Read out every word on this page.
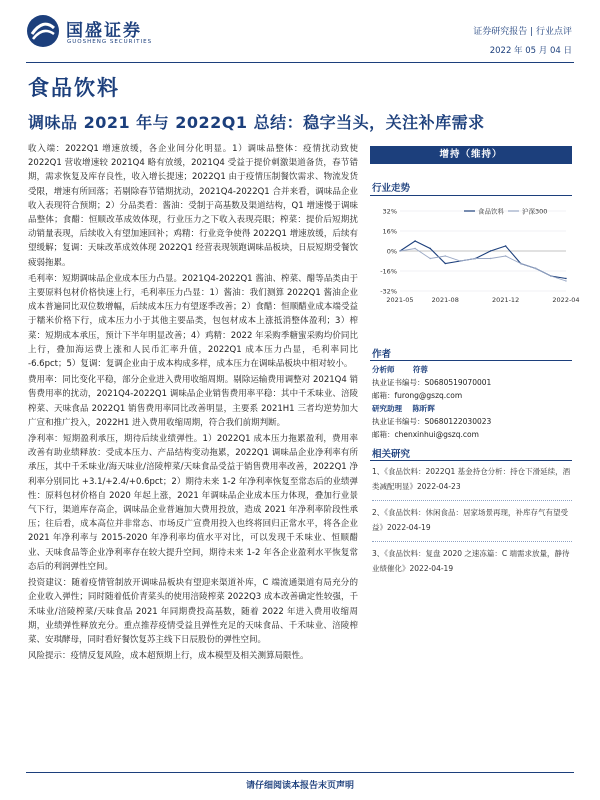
国盛证券
GUOSHENG SECURITIES
证券研究报告 | 行业点评
2022 年 05 月 04 日
食品饮料
调味品 2021 年与 2022Q1 总结：稳字当头，关注补库需求

收入端：2022Q1 增速放缓，各企业间分化明显。1）调味品整体：疫情扰动致使 2022Q1 营收增速较 2021Q4 略有放缓，2021Q4 受益于提价刺激渠道备货，春节错期，需求恢复及库存良性，收入增长提速；2022Q1 由于疫情压制餐饮需求、物流发货受限，增速有所回落；若剔除春节错期扰动，2021Q4-2022Q1 合并来看，调味品企业收入表现符合预期；2）分品类看：酱油：受制于高基数及渠道结构，Q1 增速慢于调味品整体；食醋：恒顺改革成效体现，行业压力之下收入表现亮眼；榨菜：提价后短期扰动销量表现，后续收入有望加速回补；鸡精：行业竞争使得 2022Q1 增速放缓，后续有望缓解；复调：天味改革成效体现 2022Q1 经营表现领跑调味品板块，日辰短期受餐饮疲弱拖累。

毛利率：短期调味品企业成本压力凸显。2021Q4-2022Q1 酱油、榨菜、醋等品类由于主要原料包材价格快速上行，毛利率压力凸显：1）酱油：我们测算 2022Q1 酱油企业成本普遍同比双位数增幅，后续成本压力有望逐季改善；2）食醋：恒顺醋业成本端受益于糯米价格下行，成本压力小于其他主要品类，包包材成本上涨抵消整体盈利；3）榨菜：短期成本承压，预计下半年明显改善；4）鸡精：2022 年采购季糖蜜采购均价同比上行，叠加海运费上涨和人民币汇率升值，2022Q1 成本压力凸显，毛利率同比 -6.6pct；5）复调：复调企业由于成本构成多样，成本压力在调味品板块中相对较小。

费用率：同比变化平稳，部分企业进入费用收缩周期。剔除运输费用调整对 2021Q4 销售费用率的扰动，2021Q4-2022Q1 调味品企业销售费用率平稳：其中千禾味业、涪陵榨菜、天味食品 2022Q1 销售费用率同比改善明显，主要系 2021H1 三者均逆势加大广宣和推广投入，2022H1 进入费用收缩周期，符合我们前期判断。

净利率：短期盈利承压，期待后续业绩弹性。1）2022Q1 成本压力拖累盈利，费用率改善有助业绩释放：受成本压力、产品结构变动拖累，2022Q1 调味品企业净利率有所承压，其中千禾味业/海天味业/涪陵榨菜/天味食品受益于销售费用率改善，2022Q1 净利率分别同比 +3.1/+2.4/+0.6pct；2）期待未来 1-2 年净利率恢复至常态后的业绩弹性：原料包材价格自 2020 年起上涨，2021 年调味品企业成本压力体现，叠加行业景气下行，渠道库存高企，调味品企业普遍加大费用投放，造成 2021 年净利率阶段性承压；往后看，成本高位并非常态、市场反广宣费用投入也终将回归正常水平，将各企业 2021 年净利率与 2015-2020 年净利率均值水平对比，可以发现千禾味业、恒顺醋业、天味食品等企业净利率存在较大提升空间，期待未来 1-2 年各企业盈利水平恢复常态后的利润弹性空间。

投资建议：随着疫情管制放开调味品板块有望迎来渠道补库，C 端流通渠道有局充分的企业收入弹性；同时随着低价青菜头的使用涪陵榨菜 2022Q3 成本改善确定性较强，千禾味业/涪陵榨菜/天味食品 2021 年同期费投高基数，随着 2022 年进入费用收缩周期，业绩弹性释放充分。重点推荐疫情受益且弹性充足的天味食品、千禾味业、涪陵榨菜、安琪酵母，同时看好餐饮复苏主线下日辰股份的弹性空间。

风险提示：疫情反复风险，成本超预期上行，成本模型及相关测算局限性。

增持（维持）
行业走势
32%
16%
0%
-16%
-32%
2021-05	2021-08	2021-12	2022-04
食品饮料	沪深300
作者
分析师 符蓉
执业证书编号：S0680519070001
邮箱：furong@gszq.com
研究助理 陈昕晖
执业证书编号：S0680122030023
邮箱：chenxinhui@gszq.com
相关研究
1、《食品饮料：2022Q1 基金持仓分析：持仓下滑延续，酒类减配明显》2022-04-23
2、《食品饮料：休闲食品：居家场景再现，补库存气有望受益》2022-04-19
3、《食品饮料：复盘 2020 之速冻篇：C 端需求放量，静待业绩催化》2022-04-19
请仔细阅读本报告末页声明
